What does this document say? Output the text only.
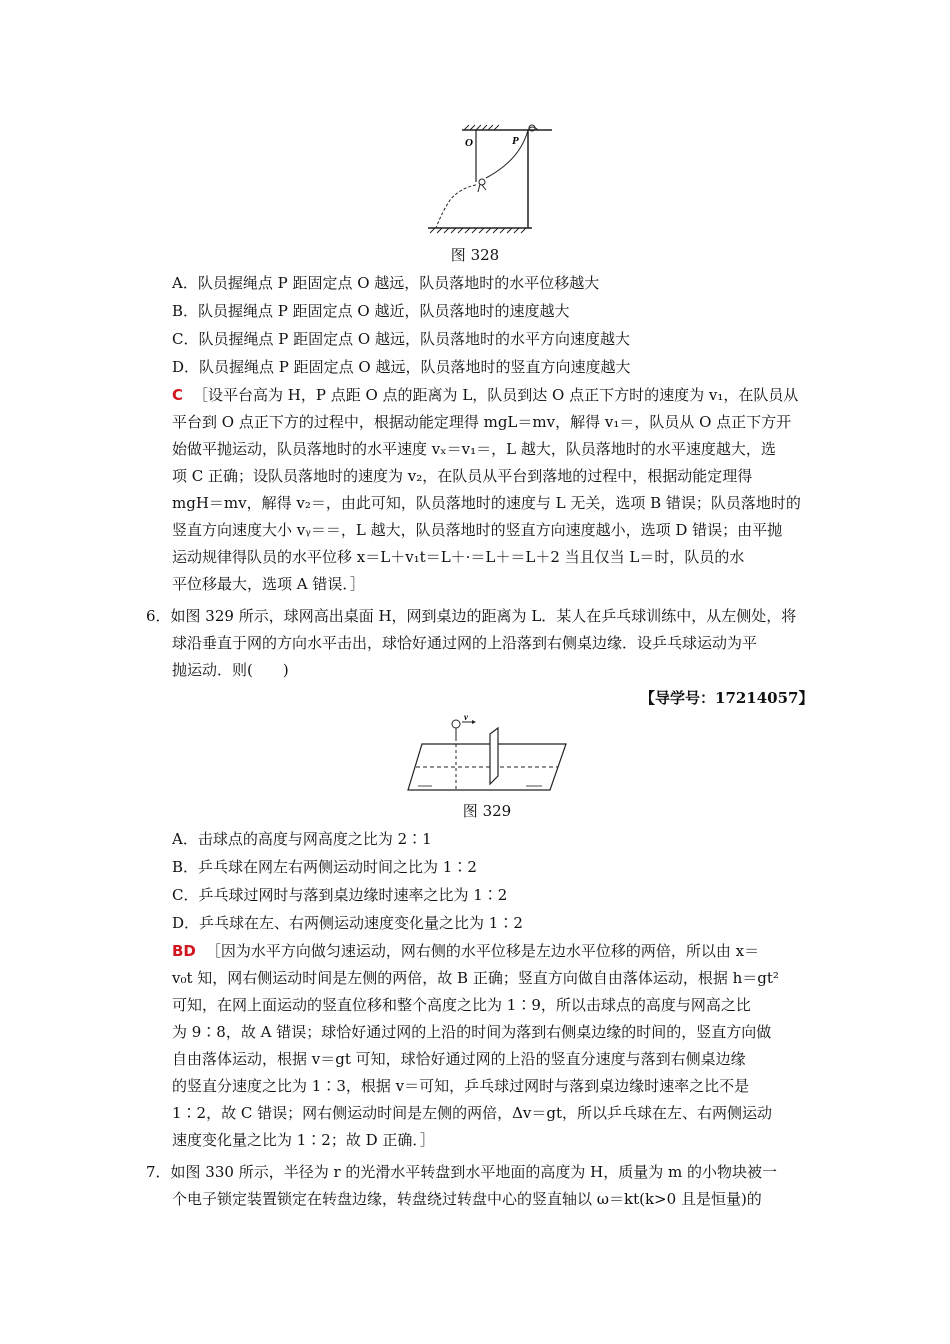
O	P
图 328
A．队员握绳点 P 距固定点 O 越远，队员落地时的水平位移越大
B．队员握绳点 P 距固定点 O 越近，队员落地时的速度越大
C．队员握绳点 P 距固定点 O 越远，队员落地时的水平方向速度越大
D．队员握绳点 P 距固定点 O 越远，队员落地时的竖直方向速度越大
C ［设平台高为 H，P 点距 O 点的距离为 L，队员到达 O 点正下方时的速度为 v₁，在队员从
平台到 O 点正下方的过程中，根据动能定理得 mgL＝mv，解得 v₁＝，队员从 O 点正下方开
始做平抛运动，队员落地时的水平速度 vₓ＝v₁＝，L 越大，队员落地时的水平速度越大，选
项 C 正确；设队员落地时的速度为 v₂，在队员从平台到落地的过程中，根据动能定理得
mgH＝mv，解得 v₂＝，由此可知，队员落地时的速度与 L 无关，选项 B 错误；队员落地时的
竖直方向速度大小 vᵧ＝＝，L 越大，队员落地时的竖直方向速度越小，选项 D 错误；由平抛
运动规律得队员的水平位移 x＝L＋v₁t＝L＋·＝L＋＝L＋2 当且仅当 L＝时，队员的水
平位移最大，选项 A 错误．］
6．如图 329 所示，球网高出桌面 H，网到桌边的距离为 L．某人在乒乓球训练中，从左侧处，将
球沿垂直于网的方向水平击出，球恰好通过网的上沿落到右侧桌边缘．设乒乓球运动为平
抛运动．则(　　)
【导学号：17214057】
v
图 329
A．击球点的高度与网高度之比为 2∶1
B．乒乓球在网左右两侧运动时间之比为 1∶2
C．乒乓球过网时与落到桌边缘时速率之比为 1∶2
D．乒乓球在左、右两侧运动速度变化量之比为 1∶2
BD ［因为水平方向做匀速运动，网右侧的水平位移是左边水平位移的两倍，所以由 x＝
v₀t 知，网右侧运动时间是左侧的两倍，故 B 正确；竖直方向做自由落体运动，根据 h＝gt²
可知，在网上面运动的竖直位移和整个高度之比为 1∶9，所以击球点的高度与网高之比
为 9∶8，故 A 错误；球恰好通过网的上沿的时间为落到右侧桌边缘的时间的，竖直方向做
自由落体运动，根据 v＝gt 可知，球恰好通过网的上沿的竖直分速度与落到右侧桌边缘
的竖直分速度之比为 1∶3，根据 v＝可知，乒乓球过网时与落到桌边缘时速率之比不是
1∶2，故 C 错误；网右侧运动时间是左侧的两倍，Δv＝gt，所以乒乓球在左、右两侧运动
速度变化量之比为 1∶2；故 D 正确．］
7．如图 330 所示，半径为 r 的光滑水平转盘到水平地面的高度为 H，质量为 m 的小物块被一
个电子锁定装置锁定在转盘边缘，转盘绕过转盘中心的竖直轴以 ω＝kt(k>0 且是恒量)的
